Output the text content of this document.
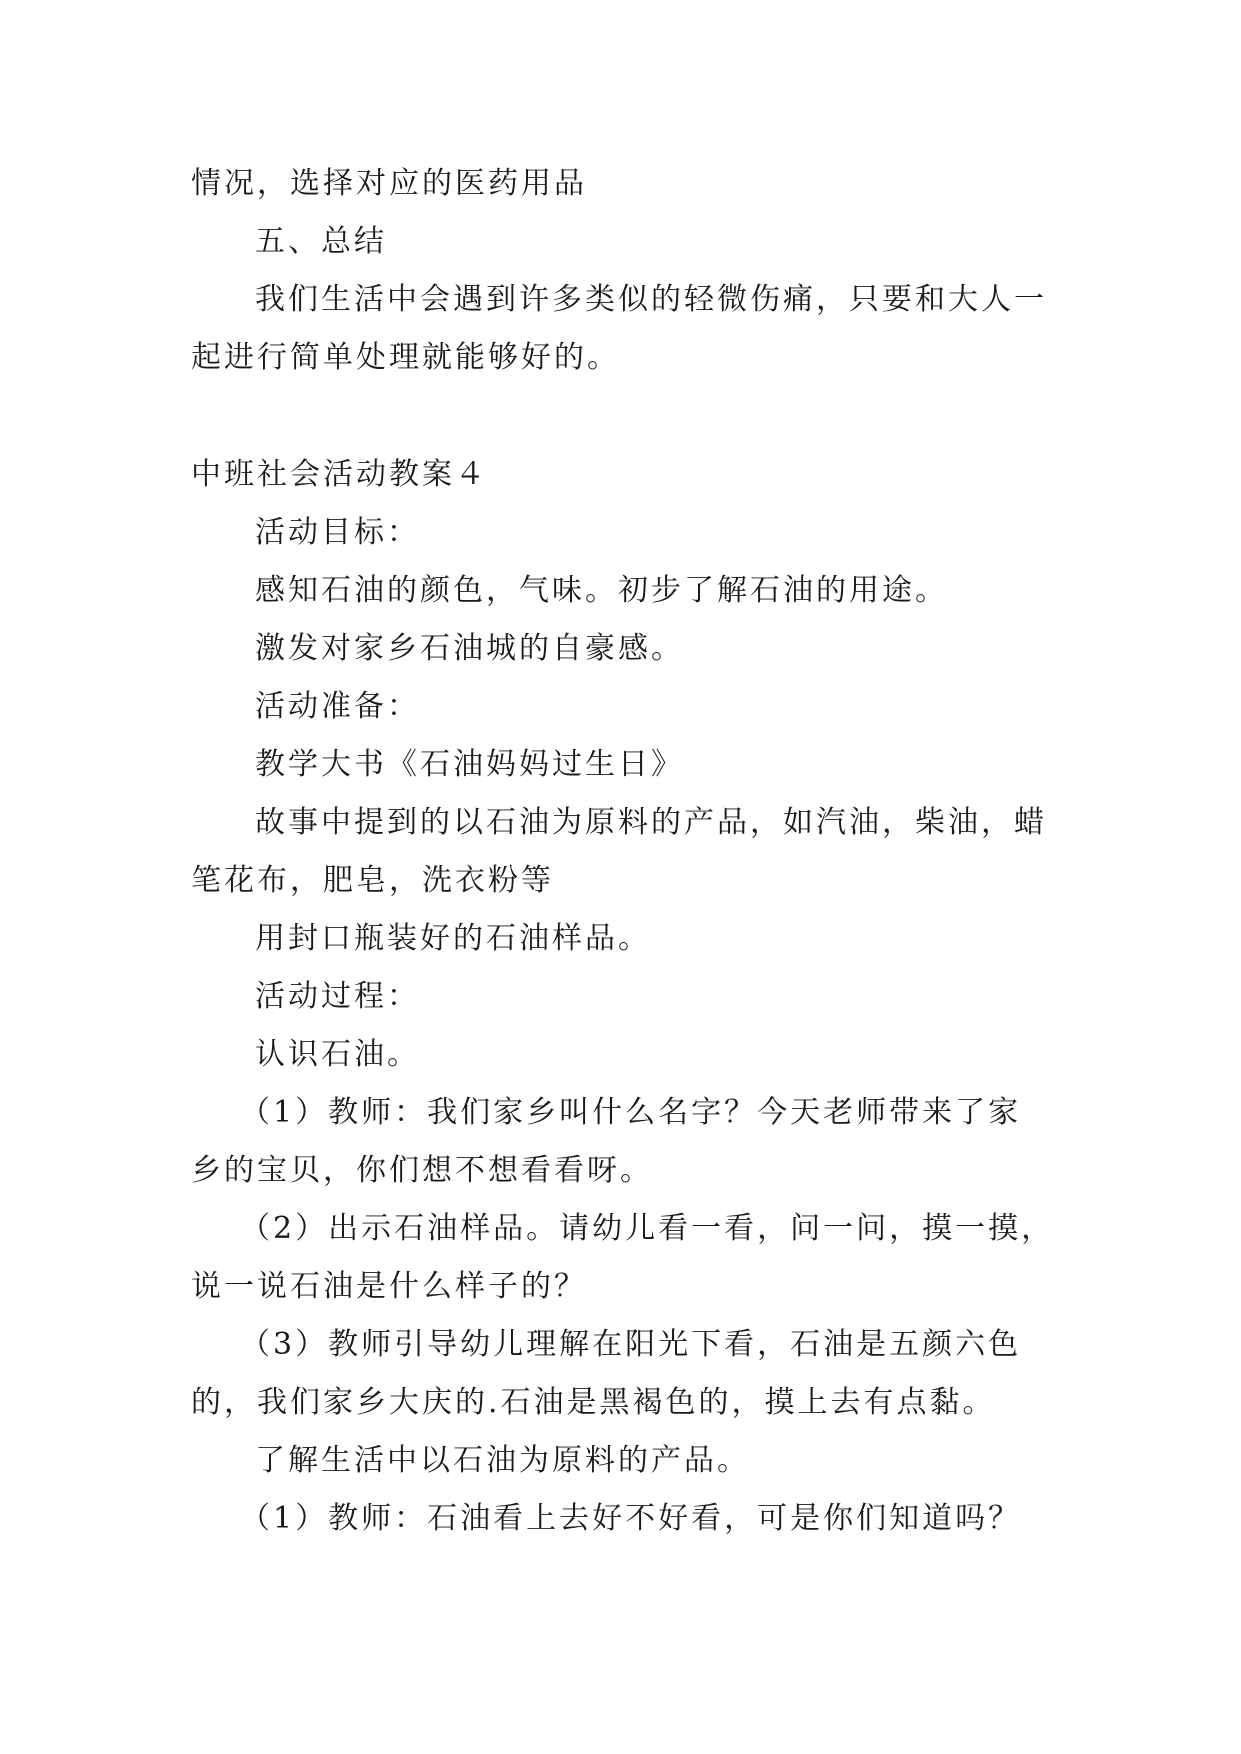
情况，选择对应的医药用品
五、总结
我们生活中会遇到许多类似的轻微伤痛，只要和大人一
起进行简单处理就能够好的。
中班社会活动教案４
活动目标：
感知石油的颜色，气味。初步了解石油的用途。
激发对家乡石油城的自豪感。
活动准备：
教学大书《石油妈妈过生日》
故事中提到的以石油为原料的产品，如汽油，柴油，蜡
笔花布，肥皂，洗衣粉等
用封口瓶装好的石油样品。
活动过程：
认识石油。
（1）教师：我们家乡叫什么名字？今天老师带来了家
乡的宝贝，你们想不想看看呀。
（2）出示石油样品。请幼儿看一看，问一问，摸一摸，
说一说石油是什么样子的？
（3）教师引导幼儿理解在阳光下看，石油是五颜六色
的，我们家乡大庆的.石油是黑褐色的，摸上去有点黏。
了解生活中以石油为原料的产品。
（1）教师：石油看上去好不好看，可是你们知道吗？
